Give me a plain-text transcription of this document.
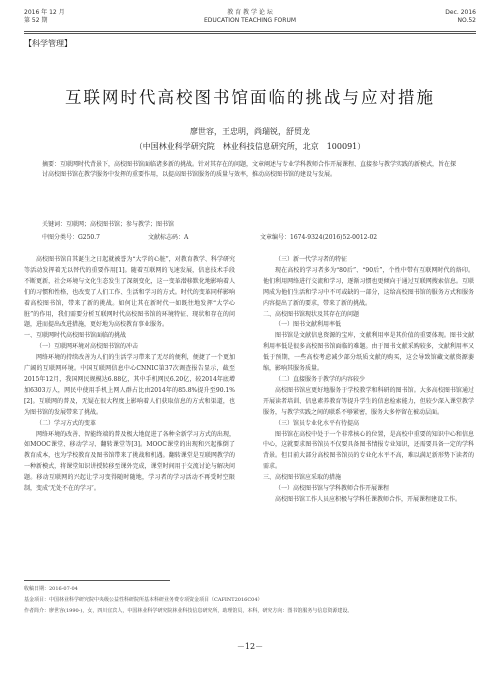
2016 年 12 月
第 52 期
教 育 教 学 论 坛
EDUCATION TEACHING FORUM
Dec. 2016
NO.52
【科学管理】
互联网时代高校图书馆面临的挑战与应对措施
廖世容，王忠明，尚瑞锐，舒贸龙
（中国林业科学研究院　林业科技信息研究所，北京　100091）
摘要：互联网时代背景下，高校图书馆面临诸多新的挑战。针对其存在的问题，文章阐述与专业学科教师合作开展课程、直接参与教学实践的新模式，旨在探讨高校图书馆在教学服务中发挥的重要作用，以提高图书馆服务的质量与效率，推动高校图书馆的建设与发展。
关键词：互联网；高校图书馆；参与教学；图书馆
中图分类号：G250.7	文献标志码：A	文章编号：1674-9324(2016)52-0012-02

高校图书馆自其诞生之日起就被誉为“大学的心脏”，对教育教学、科学研究等活动发挥着无以替代的重要作用[1]。随着互联网的飞速发展，信息技术手段不断更新，社会环境与文化生态发生了深刻变化，这一变革潜移默化地影响着人们的习惯和性格，也改变了人们工作、生活和学习的方式。时代的变革同样影响着高校图书馆，带来了新的挑战。如何让其在新时代一如既往地发挥“大学心脏”的作用，我们需要分析互联网时代高校图书馆的环境特征、现状和存在的问题，进而提出改进措施，更好地为高校教育事业服务。

一、互联网时代高校图书馆面临的挑战

（一）互联网环境对高校图书馆的冲击

网络环境的持续改善为人们的生活学习带来了无尽的便利，便捷了一个更加广阔的互联网环境。中国互联网信息中心CNNIC第37次调查报告显示，截至2015年12月，我国网民规模达6.88亿，其中手机网民6.20亿，较2014年底增加6303万人，网民中使用手机上网人群占比由2014年的85.8%提升至90.1%[2]。互联网的普及，无疑在很大程度上影响着人们获取信息的方式和渠道，也为图书馆的发展带来了挑战。

（二）学习方式的变革

网络环境的改善、智能终端的普及极大地促进了各种全新学习方式的出现，如MOOC课堂、移动学习、翻转课堂等[3]。MOOC课堂的出现和兴起推倒了教育成本，也为学校教育及图书馆带来了挑战和机遇。翻转课堂是互联网教学的一种新模式，将课堂知识讲授转移至课外完成，课堂时间用于交流讨论与解决问题。移动互联网的兴起让学习变得随时随地，学习者的学习活动不再受时空限制，变成‘无处不在的学习’。

（三）新一代学习者的特征

现在高校的学习者多为“80后”、“90后”，个性中带有互联网时代的烙印。他们利用网络进行交流和学习，逐渐习惯也更倾向于通过互联网搜索信息。互联网成为他们生活和学习中不可或缺的一部分，这给高校图书馆的服务方式和服务内容提出了新的要求，带来了新的挑战。

二、高校图书馆现状及其存在的问题

（一）图书文献利用率低

图书馆是文献信息资源的宝库，文献利用率是其价值的重要体现。图书文献利用率低是很多高校图书馆面临的难题。由于图书文献采购较多，文献利用率又低于预期，一些高校考虑减少部分纸质文献的购买，这会导致馆藏文献资源萎缩，影响其服务质量。

（二）直接服务于教学的内容较少

高校图书馆应更好地服务于学校教学和科研的图书馆。大多高校图书馆通过开展读者培训、信息素养教育等提升学生的信息检索能力，但较少深入课堂教学服务，与教学实践之间的联系不够紧密，服务大多停留在被动层面。

（三）馆员专业化水平有待提高

图书馆在高校中处于一个非常核心的位置，是高校中重要的知识中心和信息中心，这就要求图书馆员不仅要具备图书情报专业知识，还需要具备一定的学科背景。但目前大部分高校图书馆员的专业化水平不高，难以满足新形势下读者的需求。

三、高校图书馆应采取的措施

（一）高校图书馆与学科教师合作开展课程

高校图书馆工作人员应积极与学科任课教师合作，开展课程建设工作。

收稿日期：2016-07-04
基金项目：中国林业科学研究院中央级公益性科研院所基本科研业务费专项资金项目（CAFINT2016C04）
作者简介：廖世容(1990-)，女，四川宜宾人，中国林业科学研究院林业科技信息研究所，助理馆员，本科，研究方向：图书馆服务与信息资源建设。
－12－
